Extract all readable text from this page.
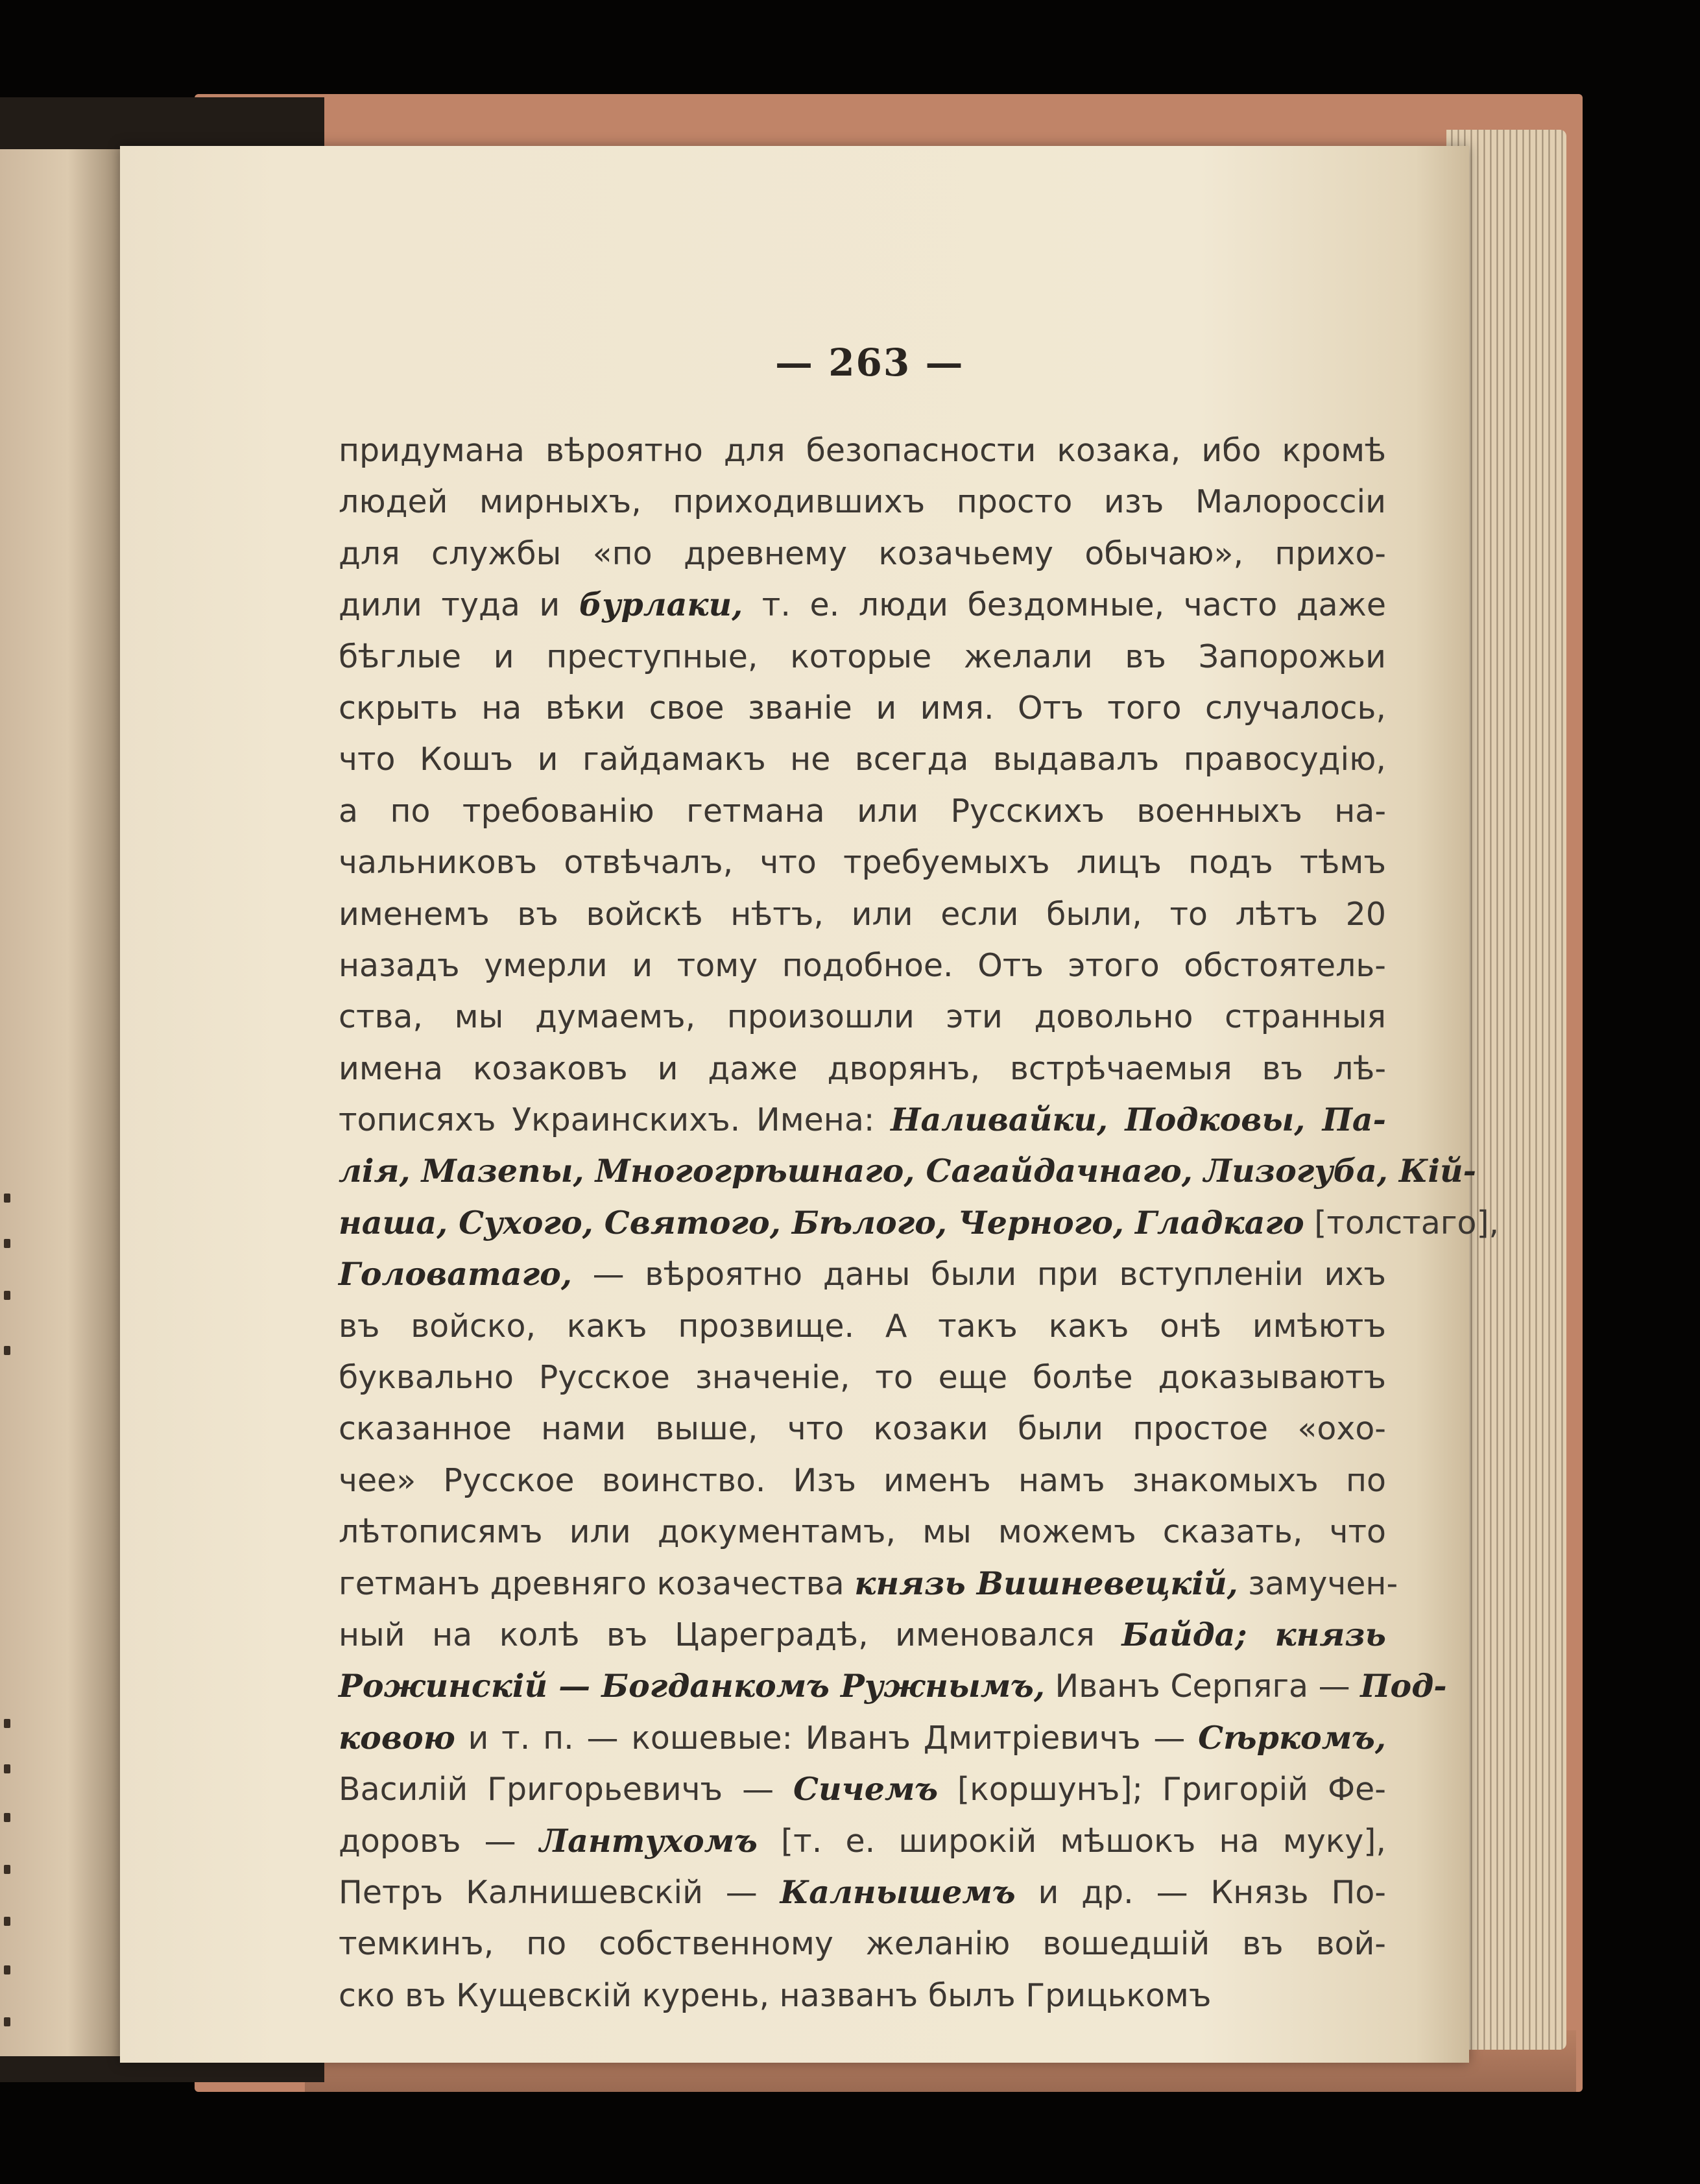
— 263 —
придумана вѣроятно для безопасности козака, ибо кромѣ
людей мирныхъ, приходившихъ просто изъ Малороссіи
для службы «по древнему козачьему обычаю», прихо-
дили туда и бурлаки, т. е. люди бездомные, часто даже
бѣглые и преступные, которые желали въ Запорожьи
скрыть на вѣки свое званіе и имя. Отъ того случалось,
что Кошъ и гайдамакъ не всегда выдавалъ правосудію,
а по требованію гетмана или Русскихъ военныхъ на-
чальниковъ отвѣчалъ, что требуемыхъ лицъ подъ тѣмъ
именемъ въ войскѣ нѣтъ, или если были, то лѣтъ 20
назадъ умерли и тому подобное. Отъ этого обстоятель-
ства, мы думаемъ, произошли эти довольно странныя
имена козаковъ и даже дворянъ, встрѣчаемыя въ лѣ-
тописяхъ Украинскихъ. Имена: Наливайки, Подковы, Па-
лія, Мазепы, Многогрѣшнаго, Сагайдачнаго, Лизогуба, Кій-
наша, Сухого, Святого, Бѣлого, Черного, Гладкаго [толстаго],
Головатаго, — вѣроятно даны были при вступленіи ихъ
въ войско, какъ прозвище. А такъ какъ онѣ имѣютъ
буквально Русское значеніе, то еще болѣе доказываютъ
сказанное нами выше, что козаки были простое «охо-
чее» Русское воинство. Изъ именъ намъ знакомыхъ по
лѣтописямъ или документамъ, мы можемъ сказать, что
гетманъ древняго козачества князь Вишневецкій, замучен-
ный на колѣ въ Цареградѣ, именовался Байда; князь
Рожинскій — Богданкомъ Ружнымъ, Иванъ Серпяга — Под-
ковою и т. п. — кошевые: Иванъ Дмитріевичъ — Сѣркомъ,
Василій Григорьевичъ — Сичемъ [коршунъ]; Григорій Фе-
доровъ — Лантухомъ [т. е. широкій мѣшокъ на муку],
Петръ Калнишевскій — Калнышемъ и др. — Князь По-
темкинъ, по собственному желанію вошедшій въ вой-
ско въ Кущевскій курень, названъ былъ Грицькомъ
